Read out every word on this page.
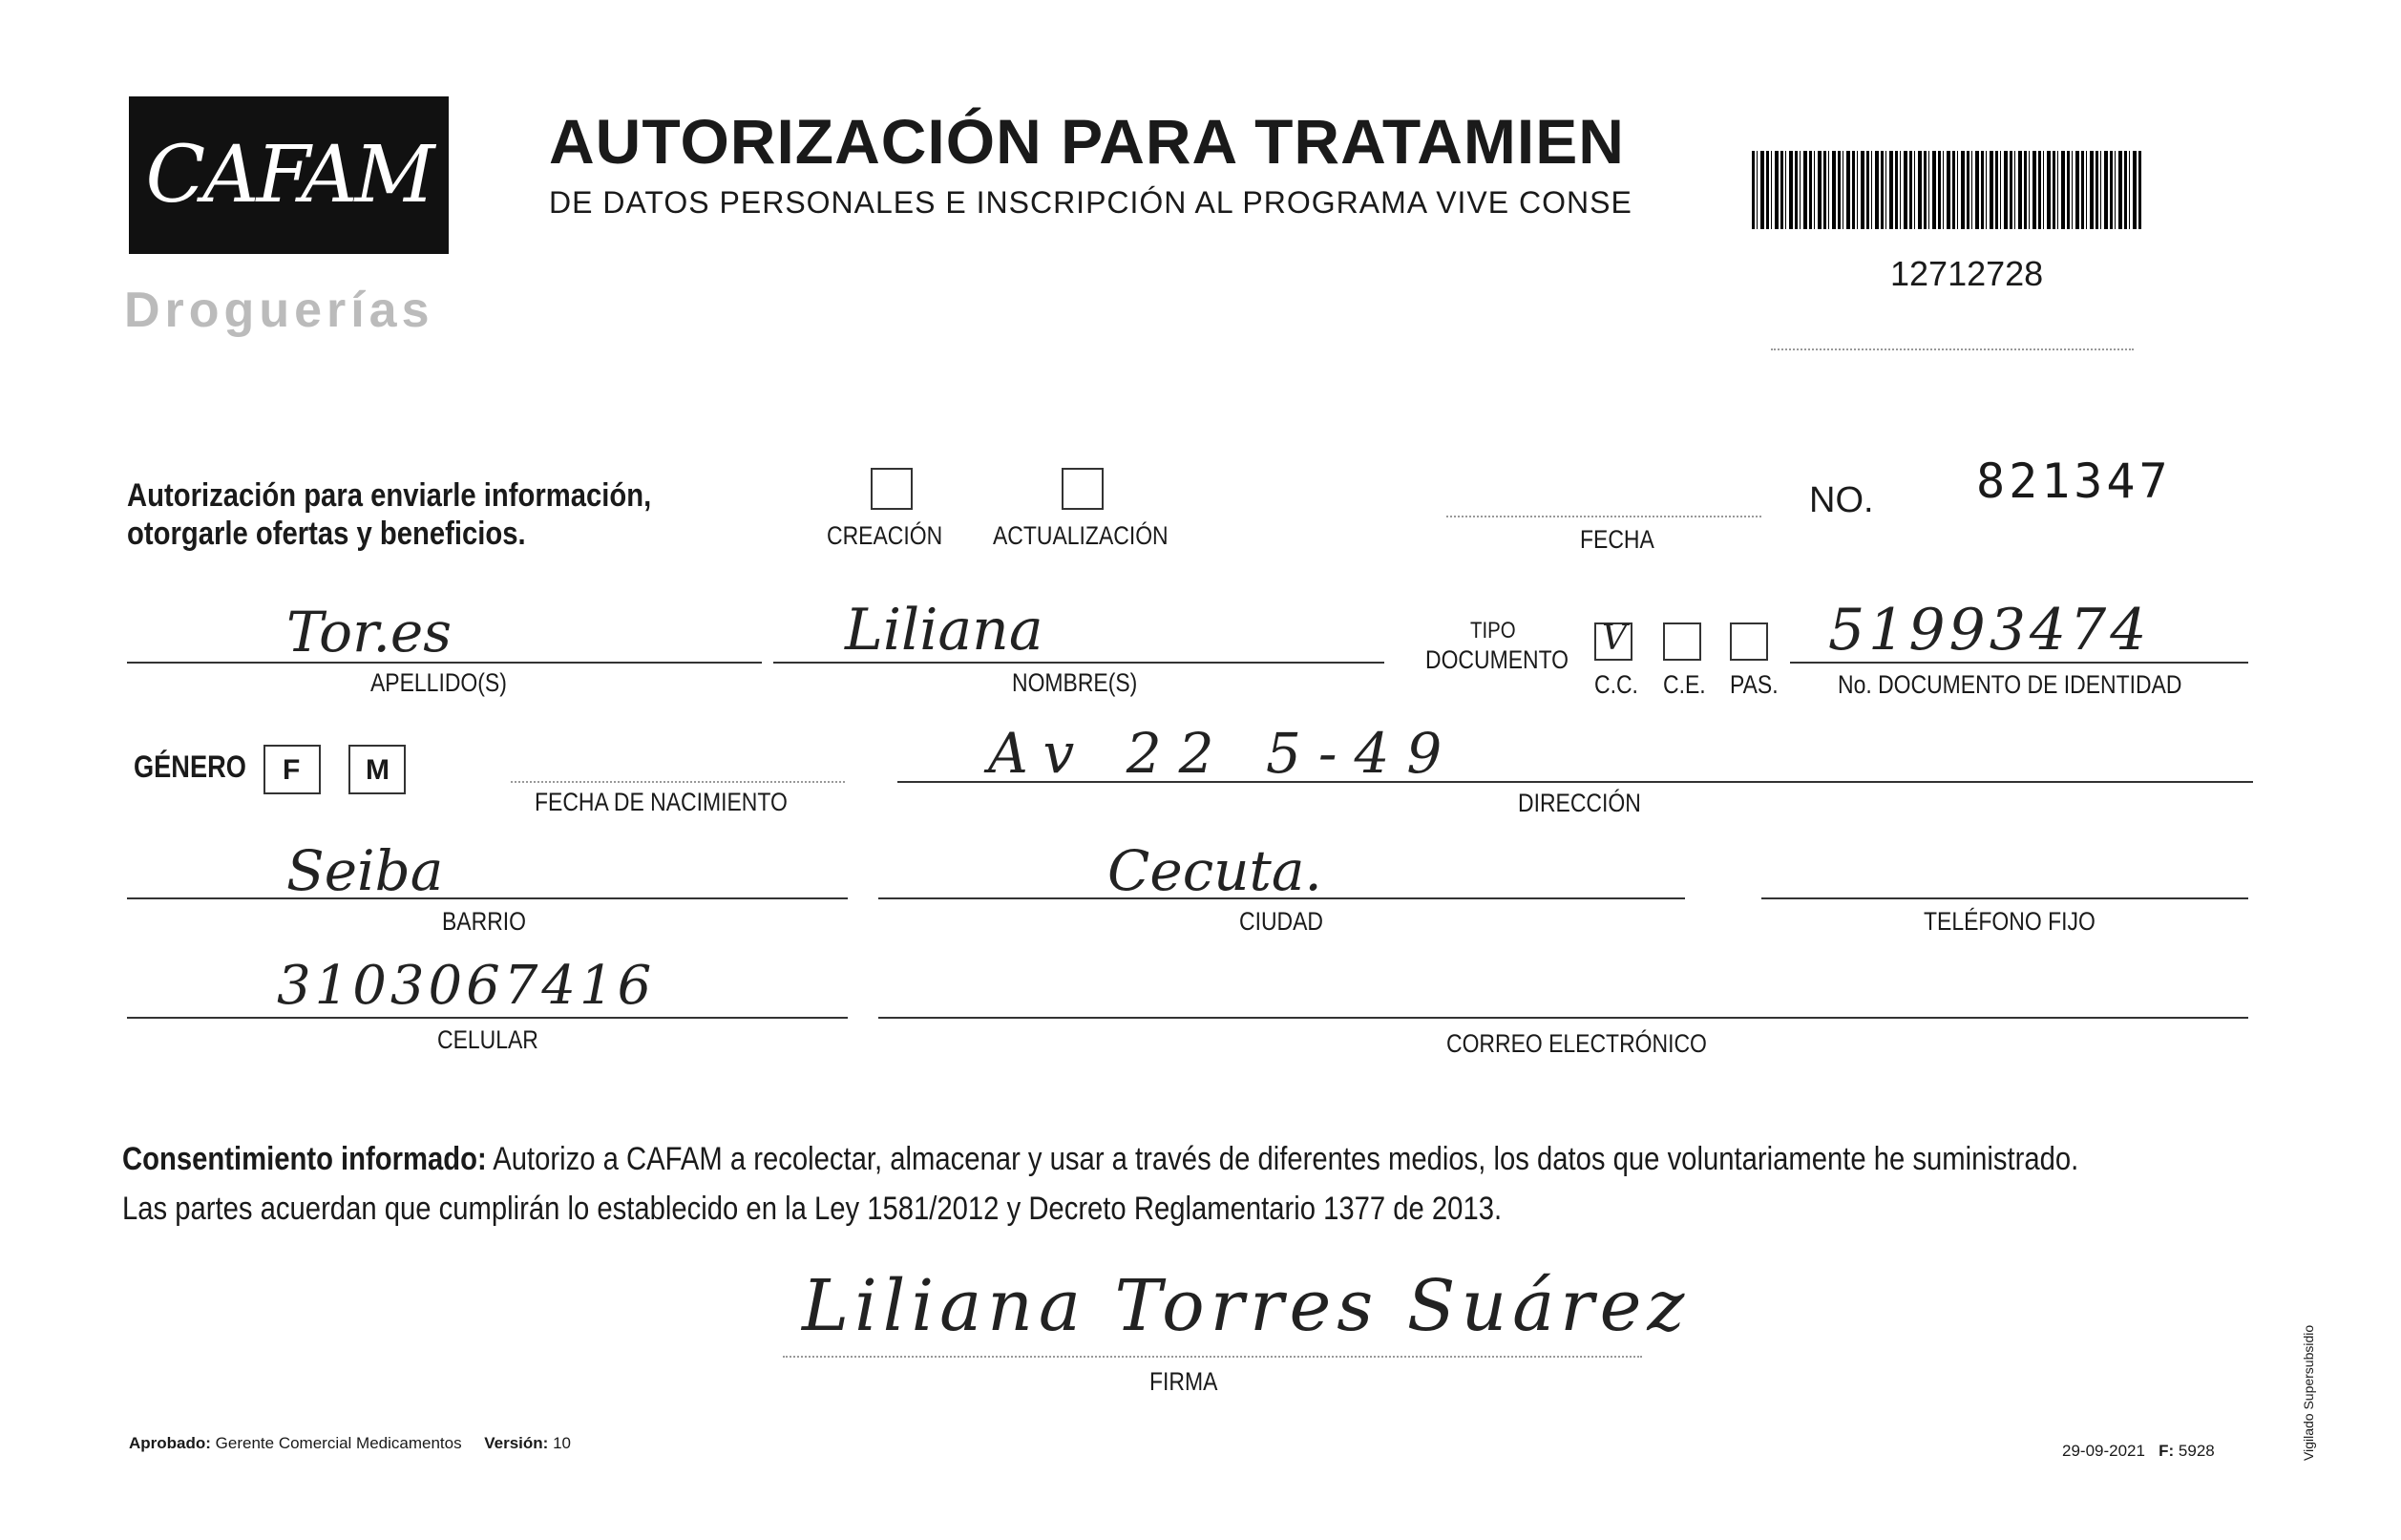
CAFAM
Droguerías
AUTORIZACIÓN PARA TRATAMIEN
DE DATOS PERSONALES E INSCRIPCIÓN AL PROGRAMA VIVE CONSE
12712728
Autorización para enviarle información,
otorgarle ofertas y beneficios.	CREACIÓN ACTUALIZACIÓN	FECHA
NO. 821347
Tor.es
APELLIDO(S)
Liliana
NOMBRE(S)
TIPO
DOCUMENTO
V
C.C. C.E. PAS.
51993474
No. DOCUMENTO DE IDENTIDAD
GÉNERO F M
FECHA DE NACIMIENTO
Av 22 5-49
DIRECCIÓN
Seiba
BARRIO
Cecuta.
CIUDAD	TELÉFONO FIJO
3103067416
CELULAR	CORREO ELECTRÓNICO
Consentimiento informado: Autorizo a CAFAM a recolectar, almacenar y usar a través de diferentes medios, los datos que voluntariamente he suministrado.
Las partes acuerdan que cumplirán lo establecido en la Ley 1581/2012 y Decreto Reglamentario 1377 de 2013.
Liliana Torres Suárez
FIRMA
Aprobado: Gerente Comercial Medicamentos Versión: 10	29-09-2021 F: 5928	Vigilado Supersubsidio
